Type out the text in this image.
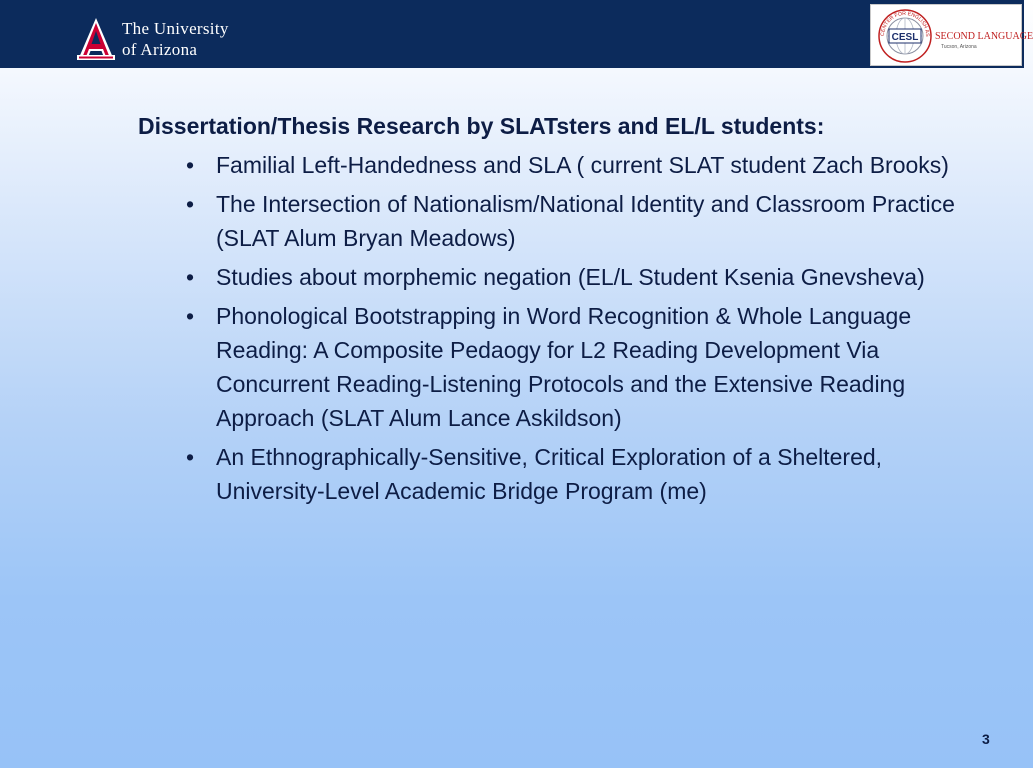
The University
of Arizona
CESL
CENTER FOR ENGLISH AS SECOND LANGUAGE
Tucson, Arizona

Dissertation/Thesis Research by SLATsters and EL/L students:

• Familial Left-Handedness and SLA ( current SLAT student Zach Brooks)
• The Intersection of Nationalism/National Identity and Classroom Practice (SLAT Alum Bryan Meadows)
• Studies about morphemic negation (EL/L Student Ksenia Gnevsheva)
• Phonological Bootstrapping in Word Recognition & Whole Language Reading: A Composite Pedaogy for L2 Reading Development Via Concurrent Reading-Listening Protocols and the Extensive Reading Approach (SLAT Alum Lance Askildson)
• An Ethnographically-Sensitive, Critical Exploration of a Sheltered, University-Level Academic Bridge Program (me)
3
